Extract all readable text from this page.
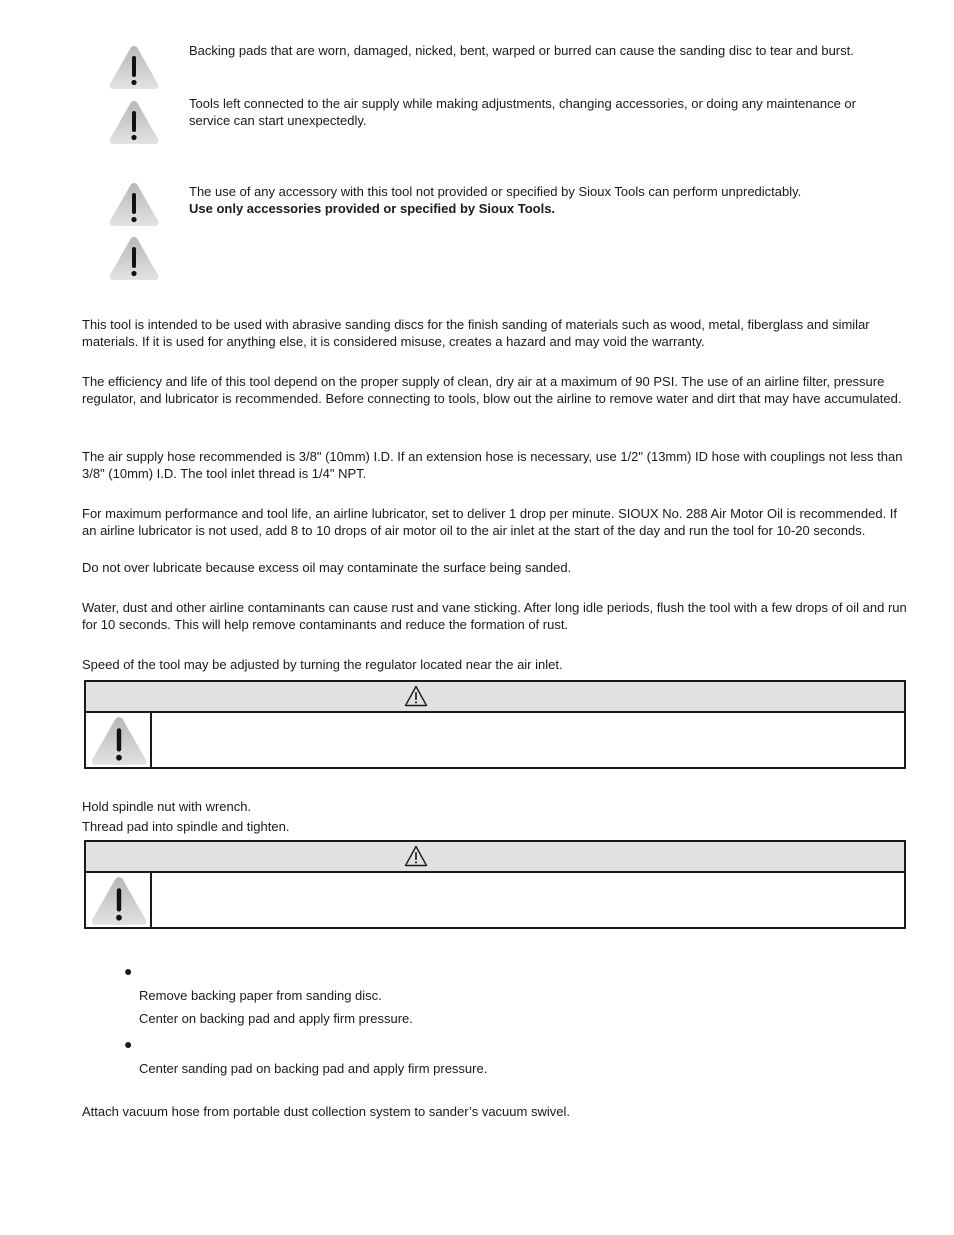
Backing pads that are worn, damaged, nicked, bent, warped or burred can cause the sanding disc to tear and burst.
Tools left connected to the air supply while making adjustments, changing accessories, or doing any maintenance or service can start unexpectedly.
The use of any accessory with this tool not provided or specified by Sioux Tools can perform unpredictably.
Use only accessories provided or specified by Sioux Tools.
This tool is intended to be used with abrasive sanding discs for the finish sanding of materials such as wood, metal, fiberglass and similar materials. If it is used for anything else, it is considered misuse, creates a hazard and may void the warranty.
The efficiency and life of this tool depend on the proper supply of clean, dry air at a maximum of 90 PSI. The use of an airline filter, pressure regulator, and lubricator is recommended. Before connecting to tools, blow out the airline to remove water and dirt that may have accumulated.
The air supply hose recommended is 3/8" (10mm) I.D. If an extension hose is necessary, use 1/2" (13mm) ID hose with couplings not less than 3/8" (10mm) I.D. The tool inlet thread is 1/4" NPT.
For maximum performance and tool life, an airline lubricator, set to deliver 1 drop per minute. SIOUX No. 288 Air Motor Oil is recommended. If an airline lubricator is not used, add 8 to 10 drops of air motor oil to the air inlet at the start of the day and run the tool for 10-20 seconds.
Do not over lubricate because excess oil may contaminate the surface being sanded.
Water, dust and other airline contaminants can cause rust and vane sticking. After long idle periods, flush the tool with a few drops of oil and run for 10 seconds. This will help remove contaminants and reduce the formation of rust.
Speed of the tool may be adjusted by turning the regulator located near the air inlet.
Hold spindle nut with wrench.
Thread pad into spindle and tighten.
●
Remove backing paper from sanding disc.
Center on backing pad and apply firm pressure.
●
Center sanding pad on backing pad and apply firm pressure.
Attach vacuum hose from portable dust collection system to sander’s vacuum swivel.
